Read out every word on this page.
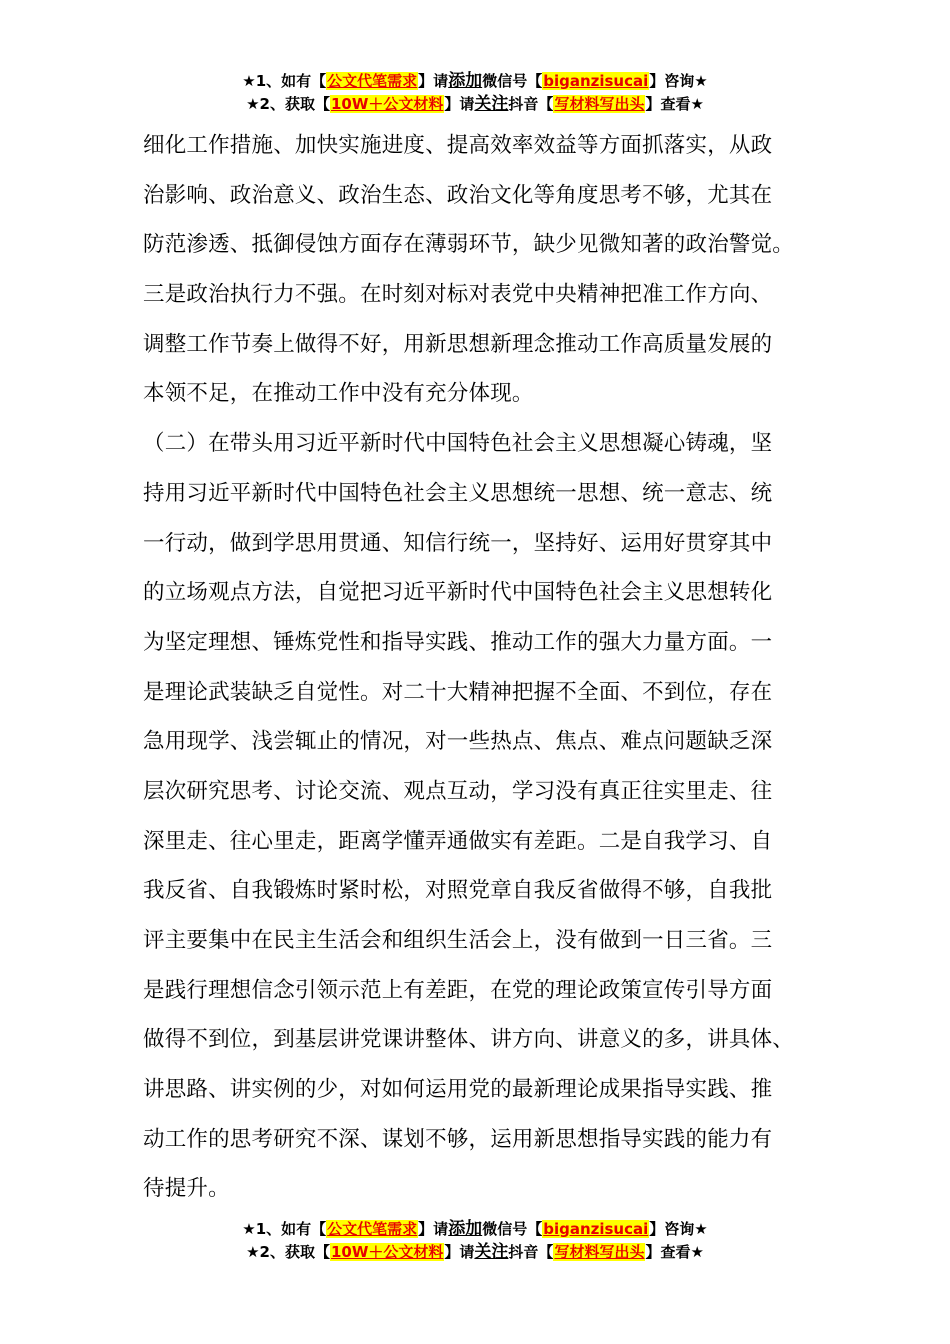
★1、如有【公文代笔需求】请添加微信号【biganzisucai】咨询★
★2、获取【10W＋公文材料】请关注抖音【写材料写出头】查看★
细化工作措施、加快实施进度、提高效率效益等方面抓落实，从政
治影响、政治意义、政治生态、政治文化等角度思考不够，尤其在
防范渗透、抵御侵蚀方面存在薄弱环节，缺少见微知著的政治警觉。
三是政治执行力不强。在时刻对标对表党中央精神把准工作方向、
调整工作节奏上做得不好，用新思想新理念推动工作高质量发展的
本领不足，在推动工作中没有充分体现。
（二）在带头用习近平新时代中国特色社会主义思想凝心铸魂，坚
持用习近平新时代中国特色社会主义思想统一思想、统一意志、统
一行动，做到学思用贯通、知信行统一，坚持好、运用好贯穿其中
的立场观点方法，自觉把习近平新时代中国特色社会主义思想转化
为坚定理想、锤炼党性和指导实践、推动工作的强大力量方面。一
是理论武装缺乏自觉性。对二十大精神把握不全面、不到位，存在
急用现学、浅尝辄止的情况，对一些热点、焦点、难点问题缺乏深
层次研究思考、讨论交流、观点互动，学习没有真正往实里走、往
深里走、往心里走，距离学懂弄通做实有差距。二是自我学习、自
我反省、自我锻炼时紧时松，对照党章自我反省做得不够，自我批
评主要集中在民主生活会和组织生活会上，没有做到一日三省。三
是践行理想信念引领示范上有差距，在党的理论政策宣传引导方面
做得不到位，到基层讲党课讲整体、讲方向、讲意义的多，讲具体、
讲思路、讲实例的少，对如何运用党的最新理论成果指导实践、推
动工作的思考研究不深、谋划不够，运用新思想指导实践的能力有
待提升。
★1、如有【公文代笔需求】请添加微信号【biganzisucai】咨询★
★2、获取【10W＋公文材料】请关注抖音【写材料写出头】查看★
